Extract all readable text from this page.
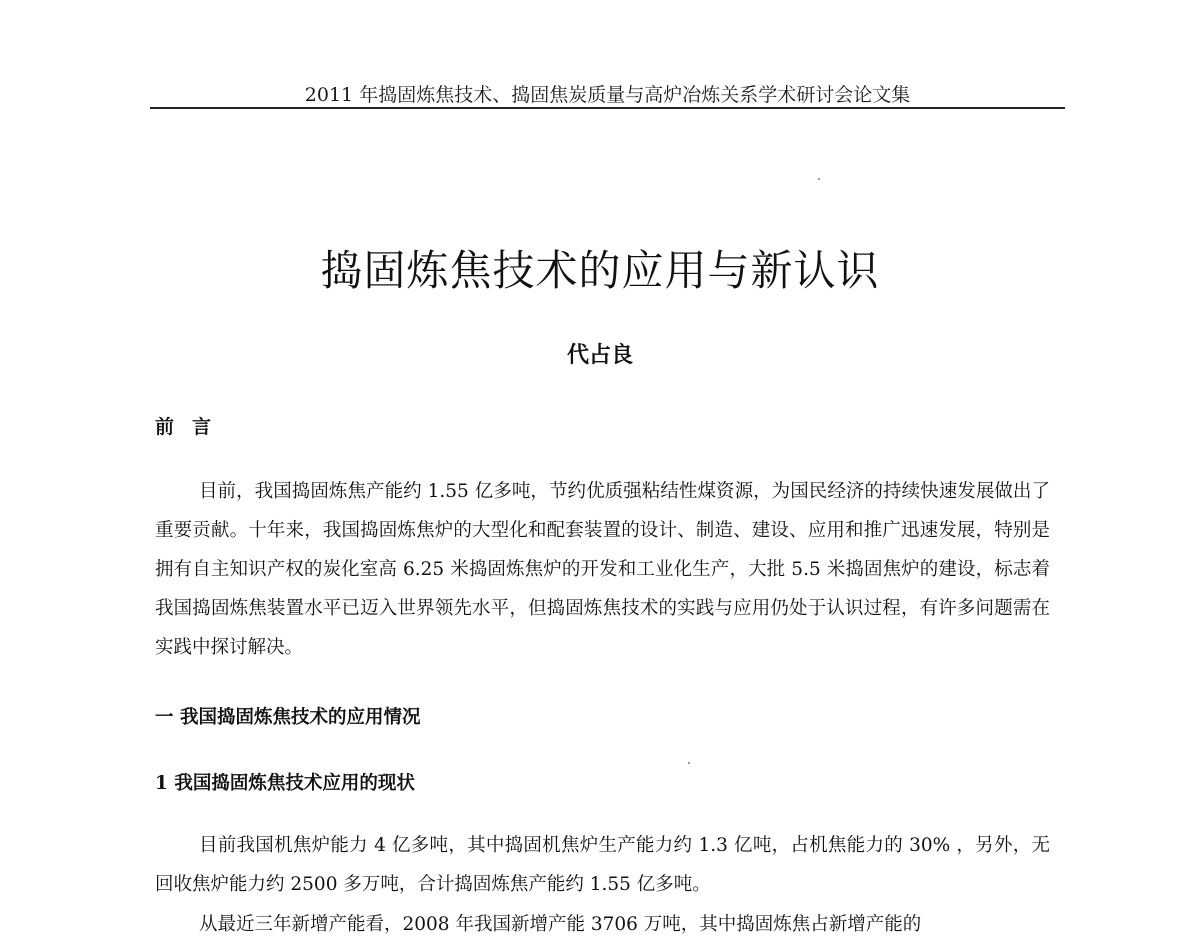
2011 年捣固炼焦技术、捣固焦炭质量与高炉冶炼关系学术研讨会论文集
捣固炼焦技术的应用与新认识
代占良
前言

目前，我国捣固炼焦产能约 1.55 亿多吨，节约优质强粘结性煤资源，为国民经济的持续快速发展做出了重要贡献。十年来，我国捣固炼焦炉的大型化和配套装置的设计、制造、建设、应用和推广迅速发展，特别是拥有自主知识产权的炭化室高 6.25 米捣固炼焦炉的开发和工业化生产，大批 5.5 米捣固焦炉的建设，标志着我国捣固炼焦装置水平已迈入世界领先水平，但捣固炼焦技术的实践与应用仍处于认识过程，有许多问题需在实践中探讨解决。

一 我国捣固炼焦技术的应用情况
1 我国捣固炼焦技术应用的现状

目前我国机焦炉能力 4 亿多吨，其中捣固机焦炉生产能力约 1.3 亿吨，占机焦能力的 30% ，另外，无回收焦炉能力约 2500 多万吨，合计捣固炼焦产能约 1.55 亿多吨。

从最近三年新增产能看，2008 年我国新增产能 3706 万吨，其中捣固炼焦占新增产能的
